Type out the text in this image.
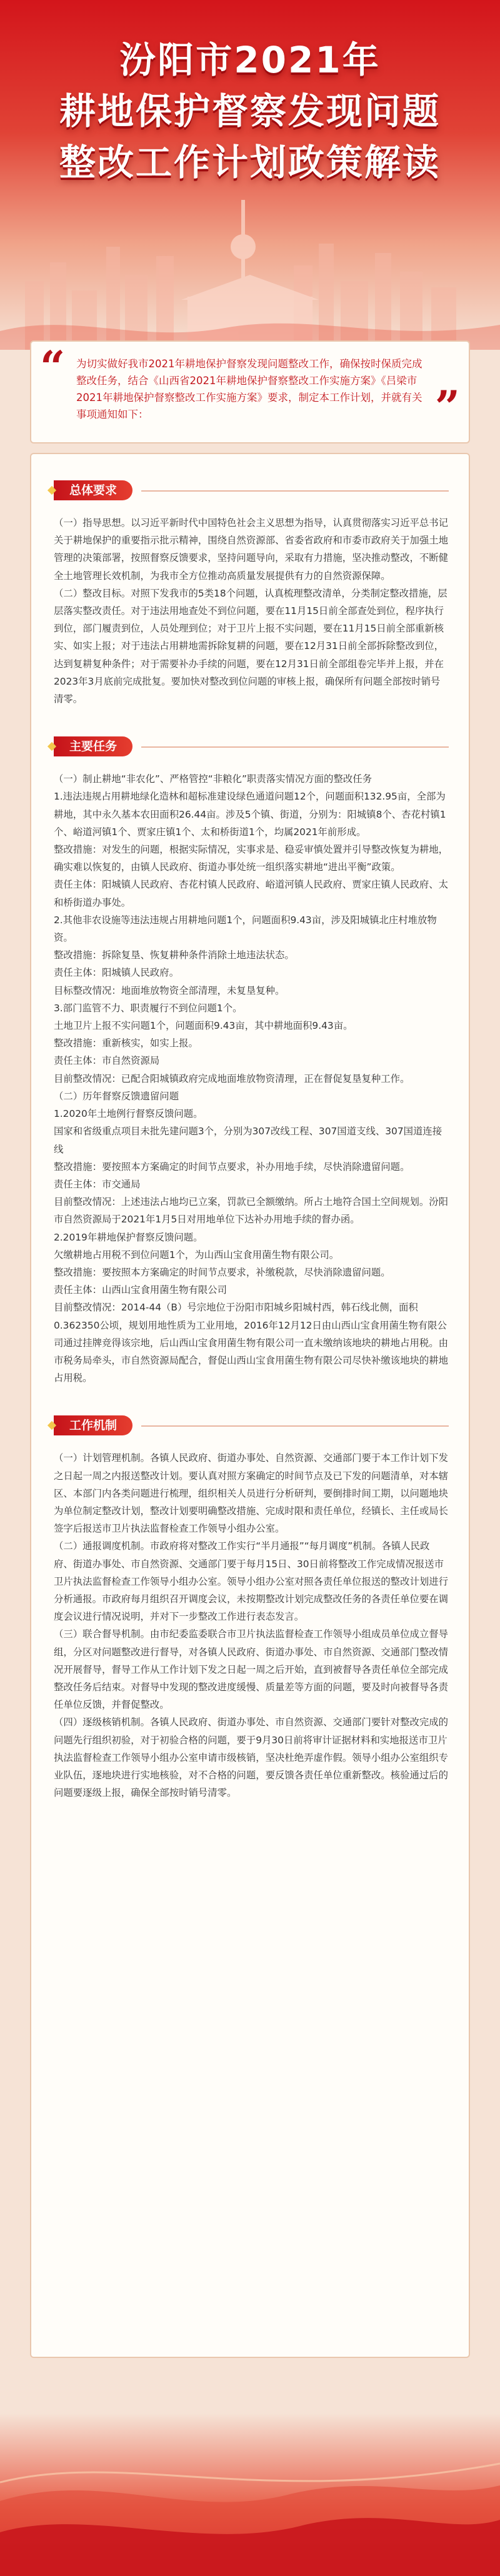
汾阳市2021年
耕地保护督察发现问题
整改工作计划政策解读
“
”
为切实做好我市2021年耕地保护督察发现问题整改工作，确保按时保质完成整改任务，结合《山西省2021年耕地保护督察整改工作实施方案》《吕梁市2021年耕地保护督察整改工作实施方案》要求，制定本工作计划，并就有关事项通知如下：
总体要求

（一）指导思想。以习近平新时代中国特色社会主义思想为指导，认真贯彻落实习近平总书记关于耕地保护的重要指示批示精神，围绕自然资源部、省委省政府和市委市政府关于加强土地管理的决策部署，按照督察反馈要求，坚持问题导向，采取有力措施，坚决推动整改，不断健全土地管理长效机制，为我市全方位推动高质量发展提供有力的自然资源保障。

（二）整改目标。对照下发我市的5类18个问题，认真梳理整改清单，分类制定整改措施，层层落实整改责任。对于违法用地查处不到位问题，要在11月15日前全部查处到位，程序执行到位，部门履责到位，人员处理到位；对于卫片上报不实问题，要在11月15日前全部重新核实、如实上报；对于违法占用耕地需拆除复耕的问题，要在12月31日前全部拆除整改到位，达到复耕复种条件；对于需要补办手续的问题，要在12月31日前全部组卷完毕并上报，并在2023年3月底前完成批复。要加快对整改到位问题的审核上报，确保所有问题全部按时销号清零。

主要任务

（一）制止耕地“非农化”、严格管控“非粮化”职责落实情况方面的整改任务

1.违法违规占用耕地绿化造林和超标准建设绿色通道问题12个，问题面积132.95亩，全部为耕地，其中永久基本农田面积26.44亩。涉及5个镇、街道，分别为：阳城镇8个、杏花村镇1个、峪道河镇1个、贾家庄镇1个、太和桥街道1个，均属2021年前形成。

整改措施：对发生的问题，根据实际情况，实事求是、稳妥审慎处置并引导整改恢复为耕地，确实难以恢复的，由镇人民政府、街道办事处统一组织落实耕地“进出平衡”政策。

责任主体：阳城镇人民政府、杏花村镇人民政府、峪道河镇人民政府、贾家庄镇人民政府、太和桥街道办事处。

2.其他非农设施等违法违规占用耕地问题1个，问题面积9.43亩，涉及阳城镇北庄村堆放物资。

整改措施：拆除复垦、恢复耕种条件消除土地违法状态。

责任主体：阳城镇人民政府。

目标整改情况：地面堆放物资全部清理，未复垦复种。

3.部门监管不力、职责履行不到位问题1个。

土地卫片上报不实问题1个，问题面积9.43亩，其中耕地面积9.43亩。

整改措施：重新核实，如实上报。

责任主体：市自然资源局

目前整改情况：已配合阳城镇政府完成地面堆放物资清理，正在督促复垦复种工作。

（二）历年督察反馈遗留问题

1.2020年土地例行督察反馈问题。

国家和省级重点项目未批先建问题3个，分别为307改线工程、307国道支线、307国道连接线

整改措施：要按照本方案确定的时间节点要求，补办用地手续，尽快消除遗留问题。

责任主体：市交通局

目前整改情况：上述违法占地均已立案，罚款已全额缴纳。所占土地符合国土空间规划。汾阳市自然资源局于2021年1月5日对用地单位下达补办用地手续的督办函。

2.2019年耕地保护督察反馈问题。

欠缴耕地占用税不到位问题1个，为山西山宝食用菌生物有限公司。

整改措施：要按照本方案确定的时间节点要求，补缴税款，尽快消除遗留问题。

责任主体：山西山宝食用菌生物有限公司

目前整改情况：2014-44（B）号宗地位于汾阳市阳城乡阳城村西，韩石线北侧，面积0.362350公顷，规划用地性质为工业用地，2016年12月12日由山西山宝食用菌生物有限公司通过挂牌竞得该宗地，后山西山宝食用菌生物有限公司一直未缴纳该地块的耕地占用税。由市税务局牵头，市自然资源局配合，督促山西山宝食用菌生物有限公司尽快补缴该地块的耕地占用税。

工作机制

（一）计划管理机制。各镇人民政府、街道办事处、自然资源、交通部门要于本工作计划下发之日起一周之内报送整改计划。要认真对照方案确定的时间节点及已下发的问题清单，对本辖区、本部门内各类问题进行梳理，组织相关人员进行分析研判，要倒排时间工期，以问题地块为单位制定整改计划，整改计划要明确整改措施、完成时限和责任单位，经镇长、主任或局长签字后报送市卫片执法监督检查工作领导小组办公室。

（二）通报调度机制。市政府将对整改工作实行“半月通报”“每月调度”机制。各镇人民政府、街道办事处、市自然资源、交通部门要于每月15日、30日前将整改工作完成情况报送市卫片执法监督检查工作领导小组办公室。领导小组办公室对照各责任单位报送的整改计划进行分析通报。市政府每月组织召开调度会议，未按期整改计划完成整改任务的各责任单位要在调度会议进行情况说明，并对下一步整改工作进行表态发言。

（三）联合督导机制。由市纪委监委联合市卫片执法监督检查工作领导小组成员单位成立督导组，分区对问题整改进行督导，对各镇人民政府、街道办事处、市自然资源、交通部门整改情况开展督导，督导工作从工作计划下发之日起一周之后开始，直到被督导各责任单位全部完成整改任务后结束。对督导中发现的整改进度缓慢、质量差等方面的问题，要及时向被督导各责任单位反馈，并督促整改。

（四）逐级核销机制。各镇人民政府、街道办事处、市自然资源、交通部门要针对整改完成的问题先行组织初验，对于初验合格的问题，要于9月30日前将审计证据材料和实地报送市卫片执法监督检查工作领导小组办公室申请市级核销，坚决杜绝弄虚作假。领导小组办公室组织专业队伍，逐地块进行实地核验，对不合格的问题，要反馈各责任单位重新整改。核验通过后的问题要逐级上报，确保全部按时销号清零。
